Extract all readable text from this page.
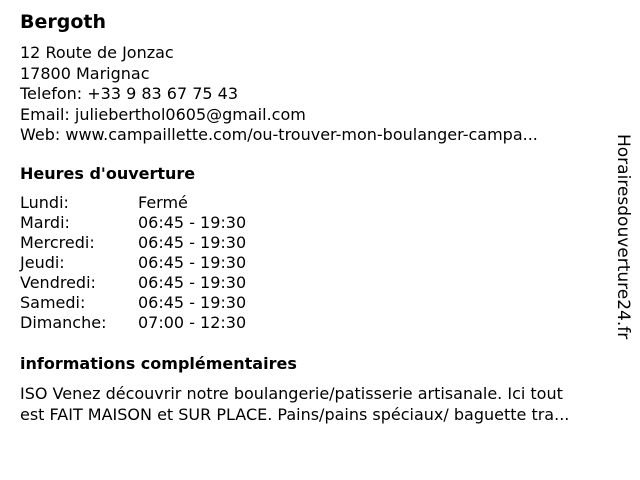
Bergoth
12 Route de Jonzac
17800 Marignac
Telefon: +33 9 83 67 75 43
Email: julieberthol0605@gmail.com
Web: www.campaillette.com/ou-trouver-mon-boulanger-campa...
Heures d'ouverture
Lundi:	Fermé
Mardi:	06:45 - 19:30
Mercredi:	06:45 - 19:30
Jeudi:	06:45 - 19:30
Vendredi:	06:45 - 19:30
Samedi:	06:45 - 19:30
Dimanche: 07:00 - 12:30
informations complémentaires
ISO Venez découvrir notre boulangerie/patisserie artisanale. Ici tout
est FAIT MAISON et SUR PLACE. Pains/pains spéciaux/ baguette tra...
Horairesdouverture24.fr
